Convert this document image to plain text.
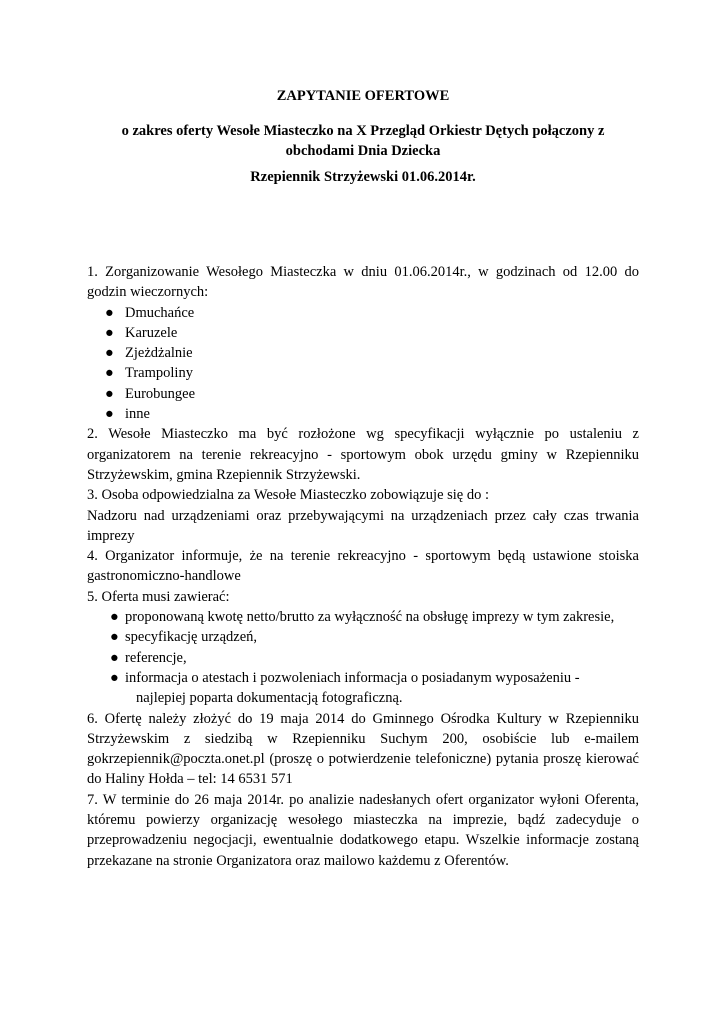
ZAPYTANIE OFERTOWE
o zakres oferty Wesołe Miasteczko na X Przegląd Orkiestr Dętych połączony z
obchodami Dnia Dziecka
Rzepiennik Strzyżewski 01.06.2014r.

1. Zorganizowanie Wesołego Miasteczka w dniu 01.06.2014r., w godzinach od 12.00 do godzin wieczornych:

● Dmuchańce
● Karuzele
● Zjeżdżalnie
● Trampoliny
● Eurobungee
● inne

2. Wesołe Miasteczko ma być rozłożone wg specyfikacji wyłącznie po ustaleniu z organizatorem na terenie rekreacyjno - sportowym obok urzędu gminy w Rzepienniku Strzyżewskim, gmina Rzepiennik Strzyżewski.

3. Osoba odpowiedzialna za Wesołe Miasteczko zobowiązuje się do :

Nadzoru nad urządzeniami oraz przebywającymi na urządzeniach przez cały czas trwania imprezy

4. Organizator informuje, że na terenie rekreacyjno - sportowym będą ustawione stoiska gastronomiczno-handlowe

5. Oferta musi zawierać:

● proponowaną kwotę netto/brutto za wyłączność na obsługę imprezy w tym zakresie,
● specyfikację urządzeń,
● referencje,
● informacja o atestach i pozwoleniach informacja o posiadanym wyposażeniu -
najlepiej poparta dokumentacją fotograficzną.

6. Ofertę należy złożyć do 19 maja 2014 do Gminnego Ośrodka Kultury w Rzepienniku Strzyżewskim z siedzibą w Rzepienniku Suchym 200, osobiście lub e-mailem gokrzepiennik@poczta.onet.pl (proszę o potwierdzenie telefoniczne) pytania proszę kierować do Haliny Hołda – tel: 14 6531 571

7. W terminie do 26 maja 2014r. po analizie nadesłanych ofert organizator wyłoni Oferenta, któremu powierzy organizację wesołego miasteczka na imprezie, bądź zadecyduje o przeprowadzeniu negocjacji, ewentualnie dodatkowego etapu. Wszelkie informacje zostaną przekazane na stronie Organizatora oraz mailowo każdemu z Oferentów.
